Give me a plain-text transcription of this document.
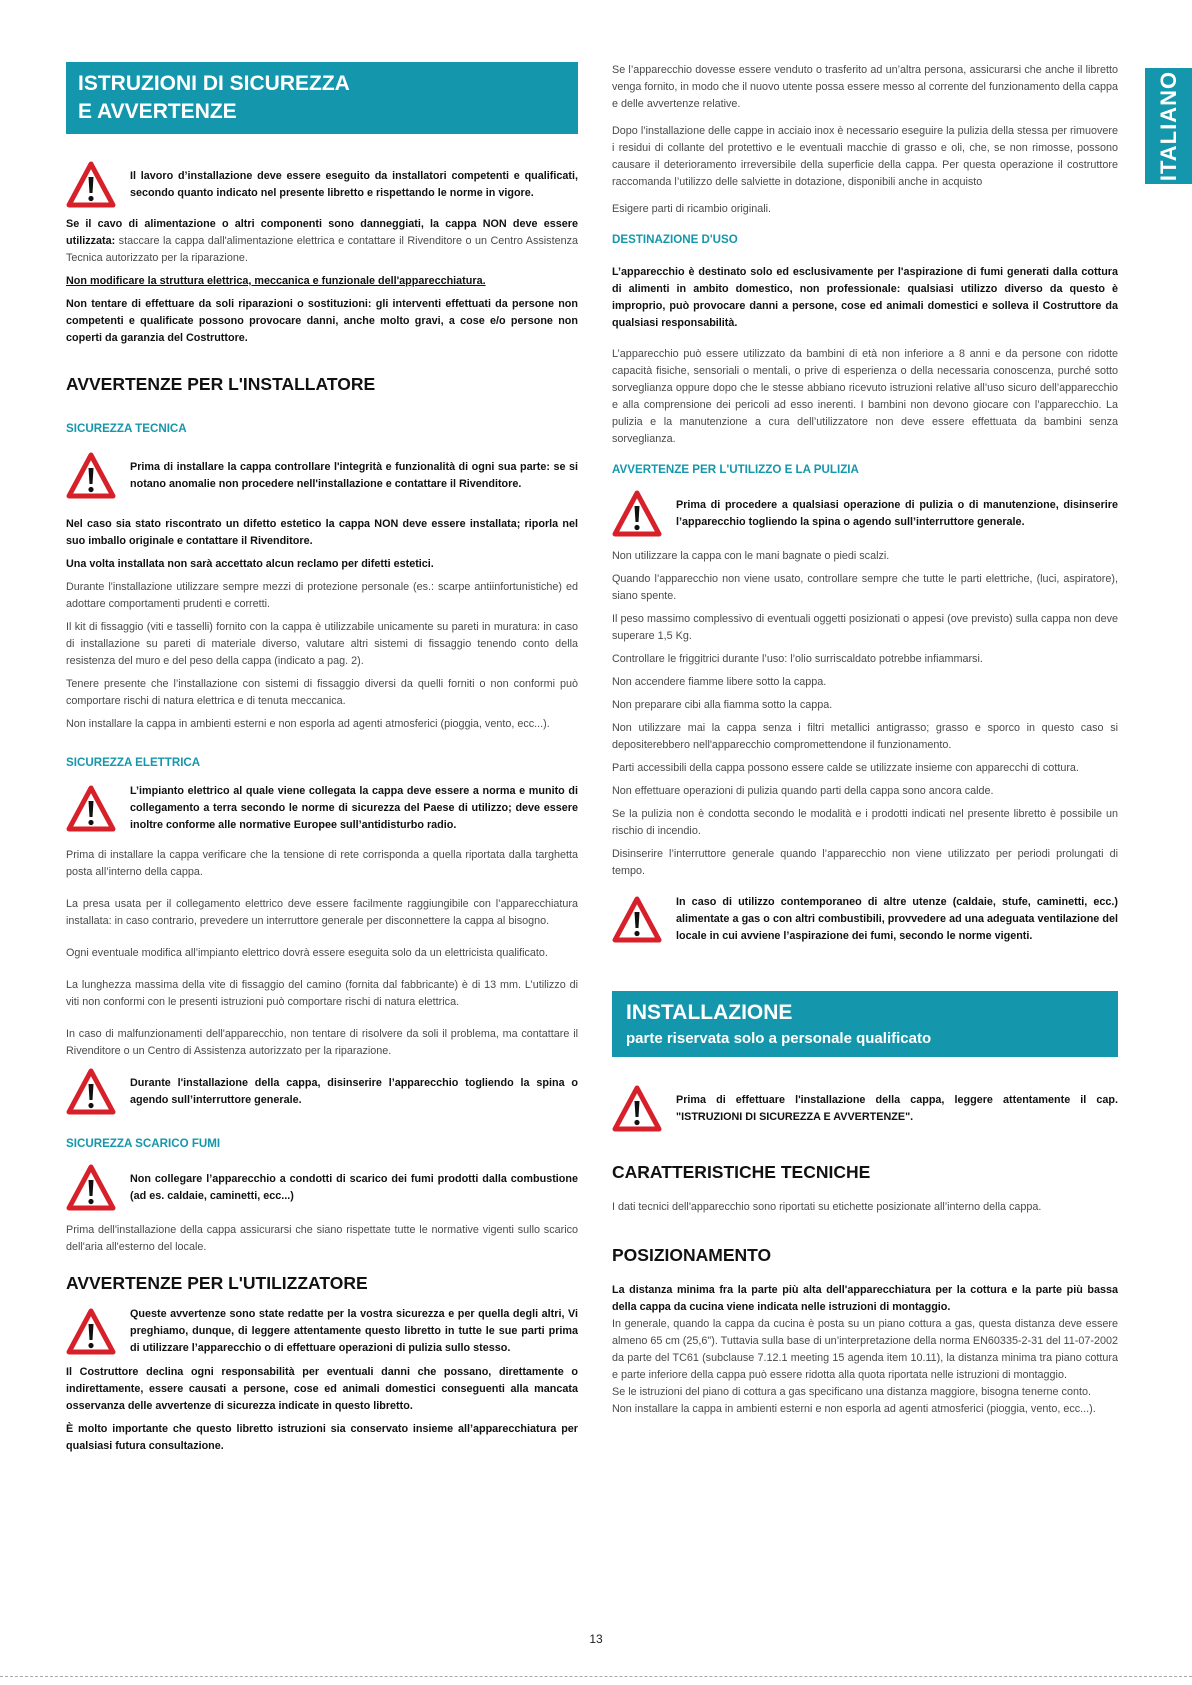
ITALIANO
ISTRUZIONI DI SICUREZZA
E AVVERTENZE

Il lavoro d’installazione deve essere eseguito da installatori competenti e qualificati, secondo quanto indicato nel presente libretto e rispettando le norme in vigore.

Se il cavo di alimentazione o altri componenti sono danneggiati, la cappa NON deve essere utilizzata: staccare la cappa dall'alimentazione elettrica e contattare il Rivenditore o un Centro Assistenza Tecnica autorizzato per la riparazione.

Non modificare la struttura elettrica, meccanica e funzionale dell'apparecchiatura.

Non tentare di effettuare da soli riparazioni o sostituzioni: gli interventi effettuati da persone non competenti e qualificate possono provocare danni, anche molto gravi, a cose e/o persone non coperti da garanzia del Costruttore.

AVVERTENZE PER L'INSTALLATORE
SICUREZZA TECNICA

Prima di installare la cappa controllare l'integrità e funzionalità di ogni sua parte: se si notano anomalie non procedere nell'installazione e contattare il Rivenditore.

Nel caso sia stato riscontrato un difetto estetico la cappa NON deve essere installata; riporla nel suo imballo originale e contattare il Rivenditore.

Una volta installata non sarà accettato alcun reclamo per difetti estetici.

Durante l'installazione utilizzare sempre mezzi di protezione personale (es.: scarpe antiinfortunistiche) ed adottare comportamenti prudenti e corretti.

Il kit di fissaggio (viti e tasselli) fornito con la cappa è utilizzabile unicamente su pareti in muratura: in caso di installazione su pareti di materiale diverso, valutare altri sistemi di fissaggio tenendo conto della resistenza del muro e del peso della cappa (indicato a pag. 2).

Tenere presente che l’installazione con sistemi di fissaggio diversi da quelli forniti o non conformi può comportare rischi di natura elettrica e di tenuta meccanica.

Non installare la cappa in ambienti esterni e non esporla ad agenti atmosferici (pioggia, vento, ecc...).

SICUREZZA ELETTRICA

L’impianto elettrico al quale viene collegata la cappa deve essere a norma e munito di collegamento a terra secondo le norme di sicurezza del Paese di utilizzo; deve essere inoltre conforme alle normative Europee sull’antidisturbo radio.

Prima di installare la cappa verificare che la tensione di rete corrisponda a quella riportata dalla targhetta posta all’interno della cappa.

La presa usata per il collegamento elettrico deve essere facilmente raggiungibile con l’apparecchiatura installata: in caso contrario, prevedere un interruttore generale per disconnettere la cappa al bisogno.

Ogni eventuale modifica all’impianto elettrico dovrà essere eseguita solo da un elettricista qualificato.

La lunghezza massima della vite di fissaggio del camino (fornita dal fabbricante) è di 13 mm. L’utilizzo di viti non conformi con le presenti istruzioni può comportare rischi di natura elettrica.

In caso di malfunzionamenti dell'apparecchio, non tentare di risolvere da soli il problema, ma contattare il Rivenditore o un Centro di Assistenza autorizzato per la riparazione.

Durante l'installazione della cappa, disinserire l’apparecchio togliendo la spina o agendo sull’interruttore generale.

SICUREZZA SCARICO FUMI

Non collegare l’apparecchio a condotti di scarico dei fumi prodotti dalla combustione (ad es. caldaie, caminetti, ecc...)

Prima dell'installazione della cappa assicurarsi che siano rispettate tutte le normative vigenti sullo scarico dell'aria all'esterno del locale.

AVVERTENZE PER L'UTILIZZATORE

Queste avvertenze sono state redatte per la vostra sicurezza e per quella degli altri, Vi preghiamo, dunque, di leggere attentamente questo libretto in tutte le sue parti prima di utilizzare l’apparecchio o di effettuare operazioni di pulizia sullo stesso.

Il Costruttore declina ogni responsabilità per eventuali danni che possano, direttamente o indirettamente, essere causati a persone, cose ed animali domestici conseguenti alla mancata osservanza delle avvertenze di sicurezza indicate in questo libretto.

È molto importante che questo libretto istruzioni sia conservato insieme all’apparecchiatura per qualsiasi futura consultazione.

Se l’apparecchio dovesse essere venduto o trasferito ad un’altra persona, assicurarsi che anche il libretto venga fornito, in modo che il nuovo utente possa essere messo al corrente del funzionamento della cappa e delle avvertenze relative.

Dopo l’installazione delle cappe in acciaio inox è necessario eseguire la pulizia della stessa per rimuovere i residui di collante del protettivo e le eventuali macchie di grasso e oli, che, se non rimosse, possono causare il deterioramento irreversibile della superficie della cappa. Per questa operazione il costruttore raccomanda l’utilizzo delle salviette in dotazione, disponibili anche in acquisto

Esigere parti di ricambio originali.

DESTINAZIONE D'USO

L’apparecchio è destinato solo ed esclusivamente per l'aspirazione di fumi generati dalla cottura di alimenti in ambito domestico, non professionale: qualsiasi utilizzo diverso da questo è improprio, può provocare danni a persone, cose ed animali domestici e solleva il Costruttore da qualsiasi responsabilità.

L’apparecchio può essere utilizzato da bambini di età non inferiore a 8 anni e da persone con ridotte capacità fisiche, sensoriali o mentali, o prive di esperienza o della necessaria conoscenza, purché sotto sorveglianza oppure dopo che le stesse abbiano ricevuto istruzioni relative all’uso sicuro dell’apparecchio e alla comprensione dei pericoli ad esso inerenti. I bambini non devono giocare con l’apparecchio. La pulizia e la manutenzione a cura dell’utilizzatore non deve essere effettuata da bambini senza sorveglianza.

AVVERTENZE PER L'UTILIZZO E LA PULIZIA

Prima di procedere a qualsiasi operazione di pulizia o di manutenzione, disinserire l’apparecchio togliendo la spina o agendo sull’interruttore generale.

Non utilizzare la cappa con le mani bagnate o piedi scalzi.

Quando l’apparecchio non viene usato, controllare sempre che tutte le parti elettriche, (luci, aspiratore), siano spente.

Il peso massimo complessivo di eventuali oggetti posizionati o appesi (ove previsto) sulla cappa non deve superare 1,5 Kg.

Controllare le friggitrici durante l’uso: l’olio surriscaldato potrebbe infiammarsi.

Non accendere fiamme libere sotto la cappa.

Non preparare cibi alla fiamma sotto la cappa.

Non utilizzare mai la cappa senza i filtri metallici antigrasso; grasso e sporco in questo caso si depositerebbero nell'apparecchio compromettendone il funzionamento.

Parti accessibili della cappa possono essere calde se utilizzate insieme con apparecchi di cottura.

Non effettuare operazioni di pulizia quando parti della cappa sono ancora calde.

Se la pulizia non è condotta secondo le modalità e i prodotti indicati nel presente libretto è possibile un rischio di incendio.

Disinserire l’interruttore generale quando l’apparecchio non viene utilizzato per periodi prolungati di tempo.

In caso di utilizzo contemporaneo di altre utenze (caldaie, stufe, caminetti, ecc.) alimentate a gas o con altri combustibili, provvedere ad una adeguata ventilazione del locale in cui avviene l’aspirazione dei fumi, secondo le norme vigenti.

INSTALLAZIONE
parte riservata solo a personale qualificato

Prima di effettuare l'installazione della cappa, leggere attentamente il cap. "ISTRUZIONI DI SICUREZZA E AVVERTENZE".

CARATTERISTICHE TECNICHE

I dati tecnici dell'apparecchio sono riportati su etichette posizionate all’interno della cappa.

POSIZIONAMENTO

La distanza minima fra la parte più alta dell'apparecchiatura per la cottura e la parte più bassa della cappa da cucina viene indicata nelle istruzioni di montaggio.

In generale, quando la cappa da cucina è posta su un piano cottura a gas, questa distanza deve essere almeno 65 cm (25,6"). Tuttavia sulla base di un’interpretazione della norma EN60335-2-31 del 11-07-2002 da parte del TC61 (subclause 7.12.1 meeting 15 agenda item 10.11), la distanza minima tra piano cottura e parte inferiore della cappa può essere ridotta alla quota riportata nelle istruzioni di montaggio.

Se le istruzioni del piano di cottura a gas specificano una distanza maggiore, bisogna tenerne conto.

Non installare la cappa in ambienti esterni e non esporla ad agenti atmosferici (pioggia, vento, ecc...).

13
